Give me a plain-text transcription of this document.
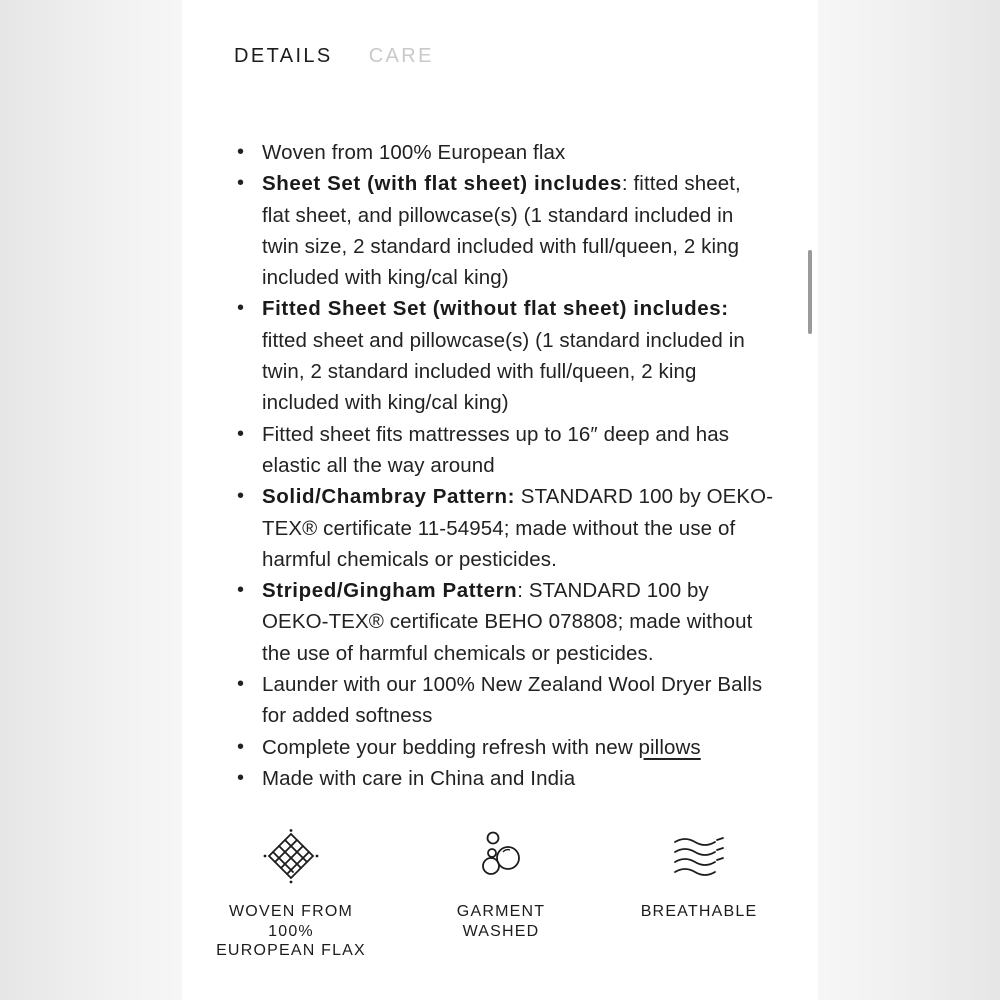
DETAILS CARE
• Woven from 100% European flax
• Sheet Set (with flat sheet) includes: fitted sheet, flat sheet, and pillowcase(s) (1 standard included in twin size, 2 standard included with full/queen, 2 king included with king/cal king)
• Fitted Sheet Set (without flat sheet) includes: fitted sheet and pillowcase(s) (1 standard included in twin, 2 standard included with full/queen, 2 king included with king/cal king)
• Fitted sheet fits mattresses up to 16″ deep and has elastic all the way around
• Solid/Chambray Pattern: STANDARD 100 by OEKO-TEX® certificate 11-54954; made without the use of harmful chemicals or pesticides.
• Striped/Gingham Pattern: STANDARD 100 by OEKO-TEX® certificate BEHO 078808; made without the use of harmful chemicals or pesticides.
• Launder with our 100% New Zealand Wool Dryer Balls for added softness
• Complete your bedding refresh with new pillows
• Made with care in China and India
WOVEN FROM 100% EUROPEAN FLAX
GARMENT WASHED
BREATHABLE
